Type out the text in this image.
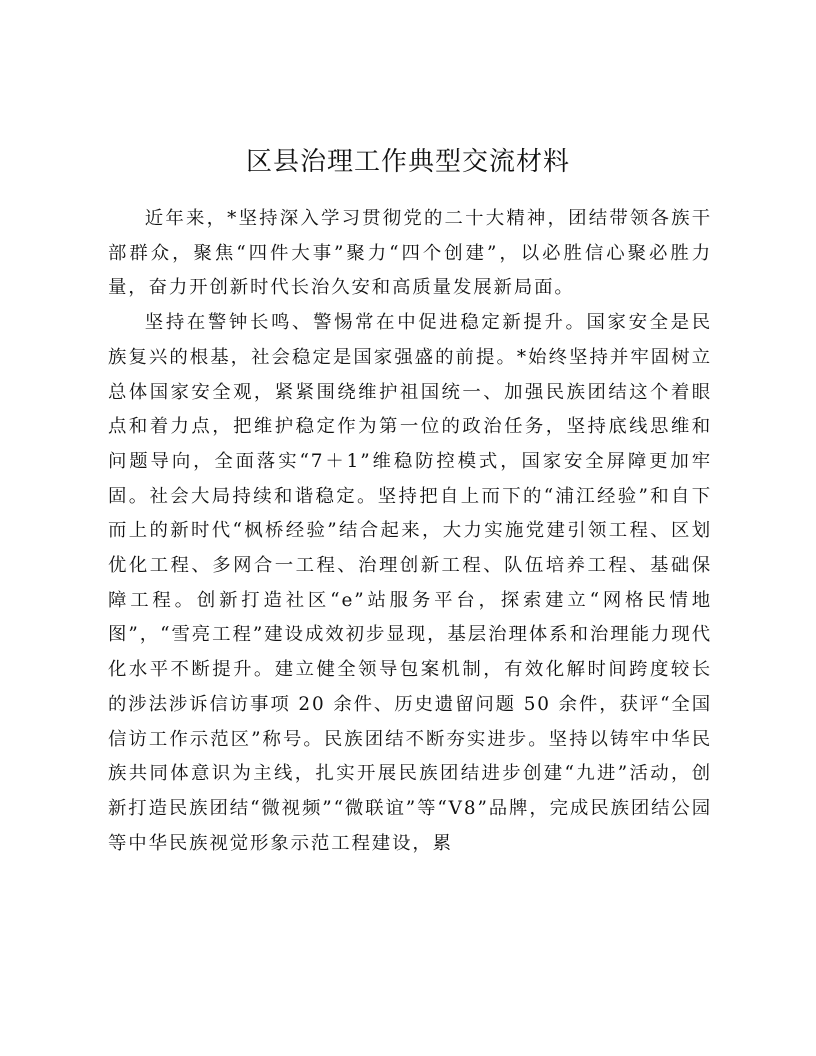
区县治理工作典型交流材料

近年来，*坚持深入学习贯彻党的二十大精神，团结带领各族干部群众，聚焦“四件大事”聚力“四个创建”，以必胜信心聚必胜力量，奋力开创新时代长治久安和高质量发展新局面。

坚持在警钟长鸣、警惕常在中促进稳定新提升。国家安全是民族复兴的根基，社会稳定是国家强盛的前提。*始终坚持并牢固树立总体国家安全观，紧紧围绕维护祖国统一、加强民族团结这个着眼点和着力点，把维护稳定作为第一位的政治任务，坚持底线思维和问题导向，全面落实“7＋1”维稳防控模式，国家安全屏障更加牢固。社会大局持续和谐稳定。坚持把自上而下的“浦江经验”和自下而上的新时代“枫桥经验”结合起来，大力实施党建引领工程、区划优化工程、多网合一工程、治理创新工程、队伍培养工程、基础保障工程。创新打造社区“e”站服务平台，探索建立“网格民情地图”，“雪亮工程”建设成效初步显现，基层治理体系和治理能力现代化水平不断提升。建立健全领导包案机制，有效化解时间跨度较长的涉法涉诉信访事项 20 余件、历史遗留问题 50 余件，获评“全国信访工作示范区”称号。民族团结不断夯实进步。坚持以铸牢中华民族共同体意识为主线，扎实开展民族团结进步创建“九进”活动，创新打造民族团结“微视频”“微联谊”等“V8”品牌，完成民族团结公园等中华民族视觉形象示范工程建设，累
